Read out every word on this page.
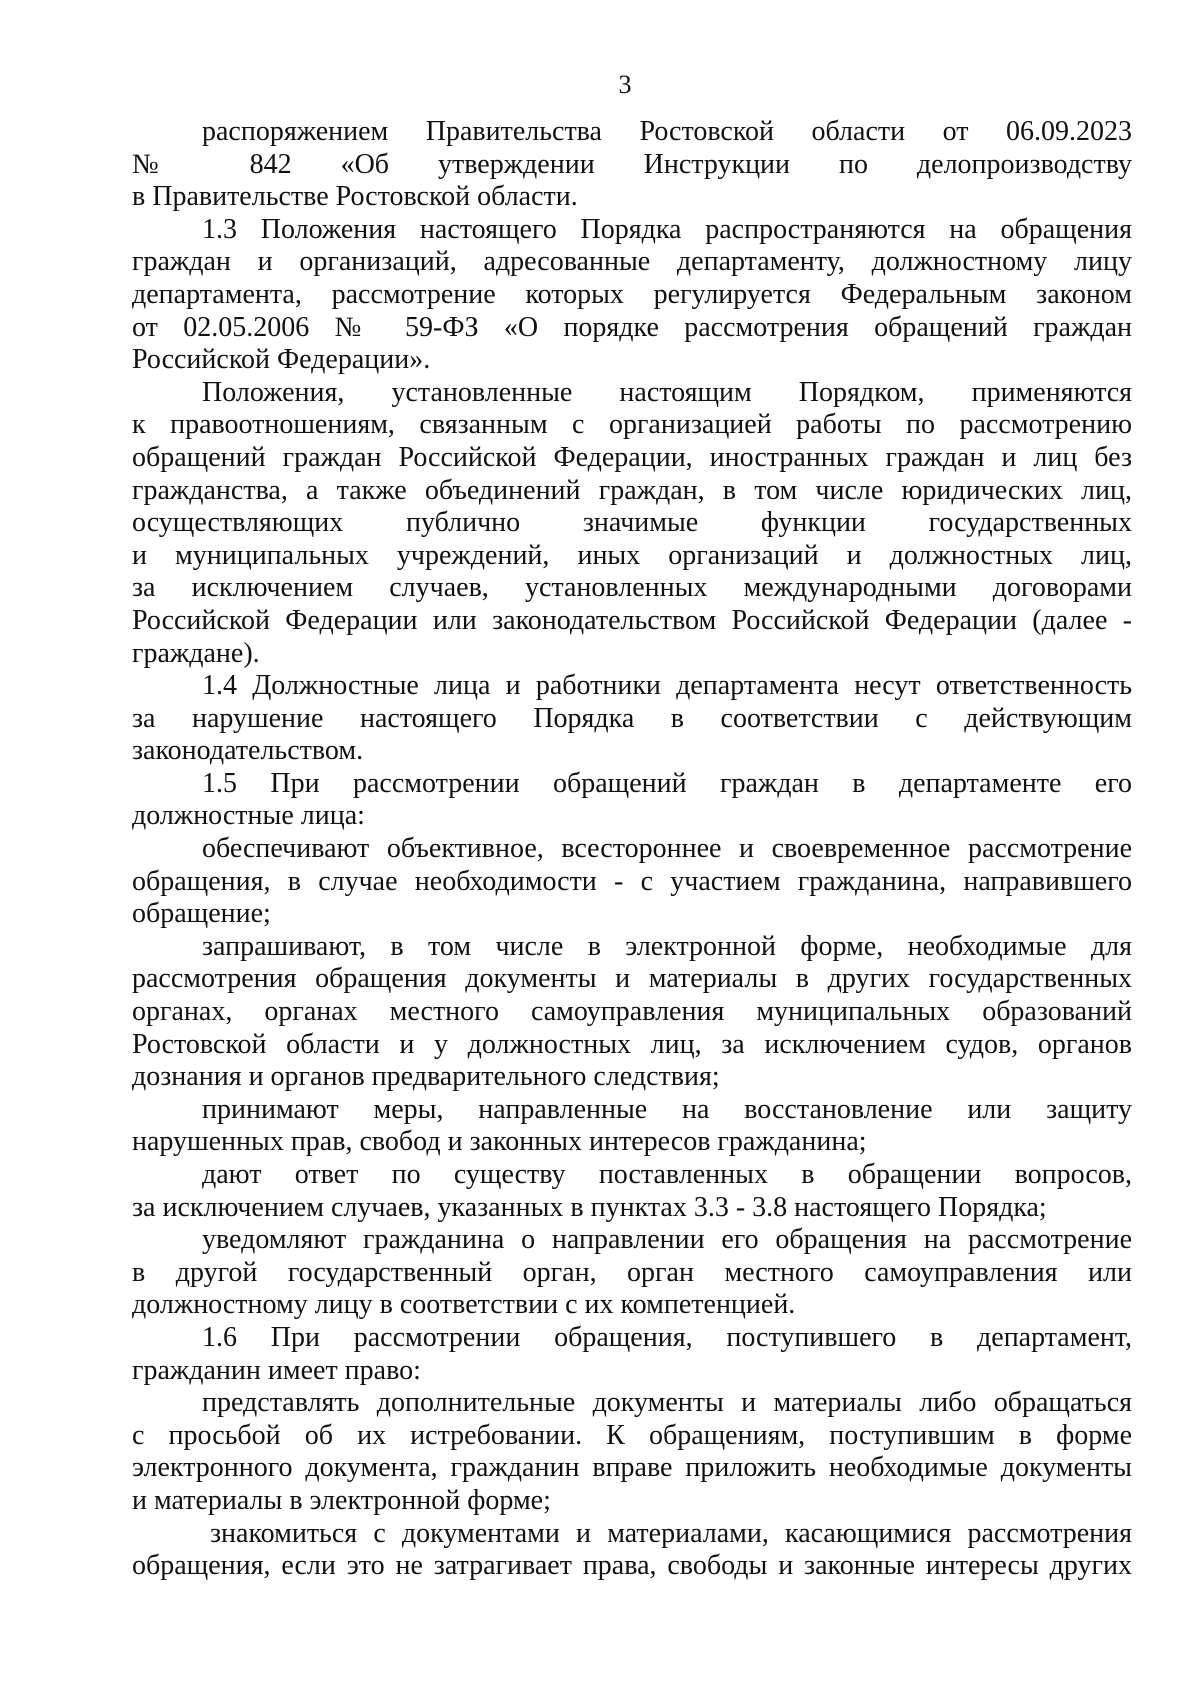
3
распоряжением Правительства Ростовской области от 06.09.2023
№ 842 «Об утверждении Инструкции по делопроизводству
в Правительстве Ростовской области.
1.3 Положения настоящего Порядка распространяются на обращения
граждан и организаций, адресованные департаменту, должностному лицу
департамента, рассмотрение которых регулируется Федеральным законом
от 02.05.2006 № 59-ФЗ «О порядке рассмотрения обращений граждан
Российской Федерации».
Положения, установленные настоящим Порядком, применяются
к правоотношениям, связанным с организацией работы по рассмотрению
обращений граждан Российской Федерации, иностранных граждан и лиц без
гражданства, а также объединений граждан, в том числе юридических лиц,
осуществляющих публично значимые функции государственных
и муниципальных учреждений, иных организаций и должностных лиц,
за исключением случаев, установленных международными договорами
Российской Федерации или законодательством Российской Федерации (далее -
граждане).
1.4 Должностные лица и работники департамента несут ответственность
за нарушение настоящего Порядка в соответствии с действующим
законодательством.
1.5 При рассмотрении обращений граждан в департаменте его
должностные лица:
обеспечивают объективное, всестороннее и своевременное рассмотрение
обращения, в случае необходимости - с участием гражданина, направившего
обращение;
запрашивают, в том числе в электронной форме, необходимые для
рассмотрения обращения документы и материалы в других государственных
органах, органах местного самоуправления муниципальных образований
Ростовской области и у должностных лиц, за исключением судов, органов
дознания и органов предварительного следствия;
принимают меры, направленные на восстановление или защиту
нарушенных прав, свобод и законных интересов гражданина;
дают ответ по существу поставленных в обращении вопросов,
за исключением случаев, указанных в пунктах 3.3 - 3.8 настоящего Порядка;
уведомляют гражданина о направлении его обращения на рассмотрение
в другой государственный орган, орган местного самоуправления или
должностному лицу в соответствии с их компетенцией.
1.6 При рассмотрении обращения, поступившего в департамент,
гражданин имеет право:
представлять дополнительные документы и материалы либо обращаться
с просьбой об их истребовании. К обращениям, поступившим в форме
электронного документа, гражданин вправе приложить необходимые документы
и материалы в электронной форме;
знакомиться с документами и материалами, касающимися рассмотрения
обращения, если это не затрагивает права, свободы и законные интересы других
